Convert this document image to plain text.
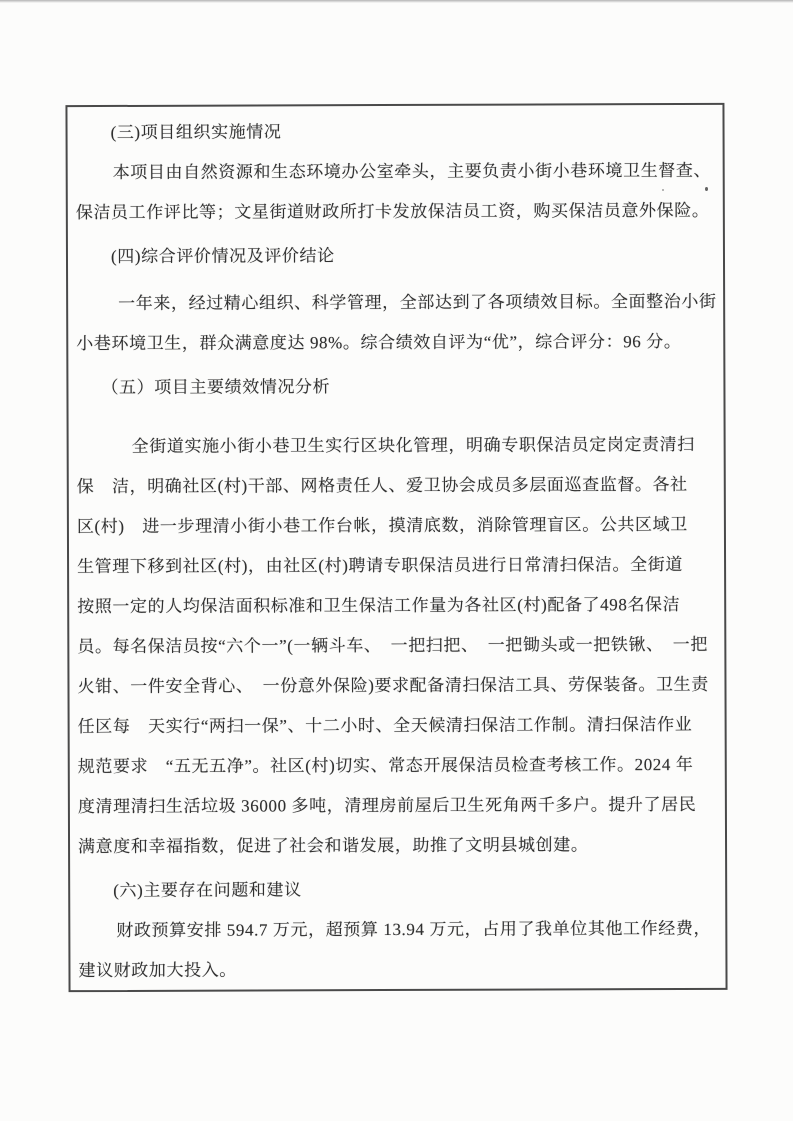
(三)项目组织实施情况
本项目由自然资源和生态环境办公室牵头，主要负责小街小巷环境卫生督查、
保洁员工作评比等；文星街道财政所打卡发放保洁员工资，购买保洁员意外保险。
(四)综合评价情况及评价结论
一年来，经过精心组织、科学管理，全部达到了各项绩效目标。全面整治小街
小巷环境卫生，群众满意度达 98%。综合绩效自评为“优”，综合评分：96 分。
（五）项目主要绩效情况分析
全街道实施小街小巷卫生实行区块化管理，明确专职保洁员定岗定责清扫
保　洁，明确社区(村)干部、网格责任人、爱卫协会成员多层面巡查监督。各社
区(村)　进一步理清小街小巷工作台帐，摸清底数，消除管理盲区。公共区域卫
生管理下移到社区(村)，由社区(村)聘请专职保洁员进行日常清扫保洁。全街道
按照一定的人均保洁面积标准和卫生保洁工作量为各社区(村)配备了498名保洁
员。每名保洁员按“六个一”(一辆斗车、　一把扫把、　一把锄头或一把铁锹、　一把
火钳、一件安全背心、　一份意外保险)要求配备清扫保洁工具、劳保装备。卫生责
任区每　天实行“两扫一保”、十二小时、全天候清扫保洁工作制。清扫保洁作业
规范要求　“五无五净”。社区(村)切实、常态开展保洁员检查考核工作。2024 年
度清理清扫生活垃圾 36000 多吨，清理房前屋后卫生死角两千多户。提升了居民
满意度和幸福指数，促进了社会和谐发展，助推了文明县城创建。
(六)主要存在问题和建议
财政预算安排 594.7 万元，超预算 13.94 万元，占用了我单位其他工作经费，
建议财政加大投入。
